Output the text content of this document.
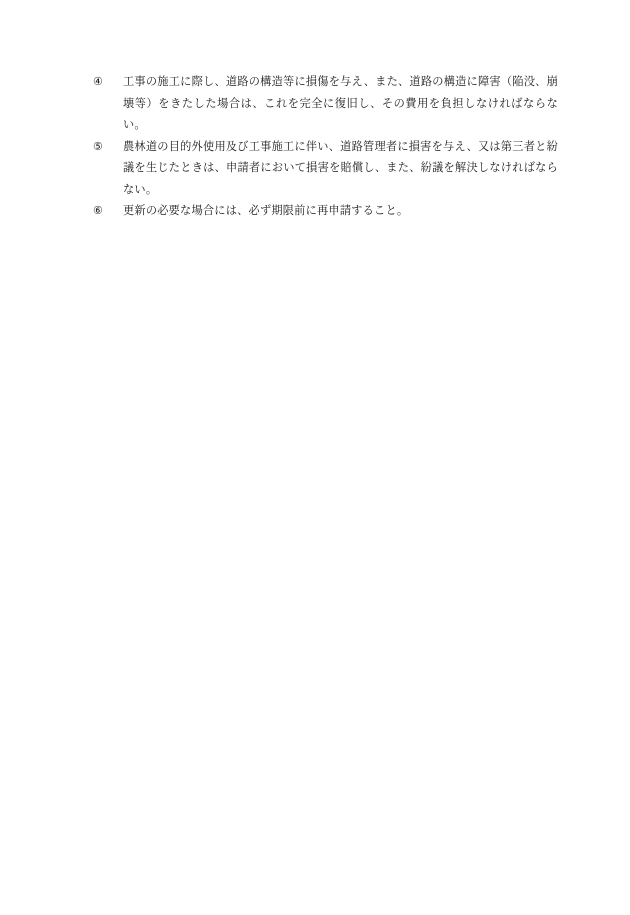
④	工事の施工に際し、道路の構造等に損傷を与え、また、道路の構造に障害（陥没、崩壊等）をきたした場合は、これを完全に復旧し、その費用を負担しなければならない。
⑤	農林道の目的外使用及び工事施工に伴い、道路管理者に損害を与え、又は第三者と紛議を生じたときは、申請者において損害を賠償し、また、紛議を解決しなければならない。
⑥	更新の必要な場合には、必ず期限前に再申請すること。
